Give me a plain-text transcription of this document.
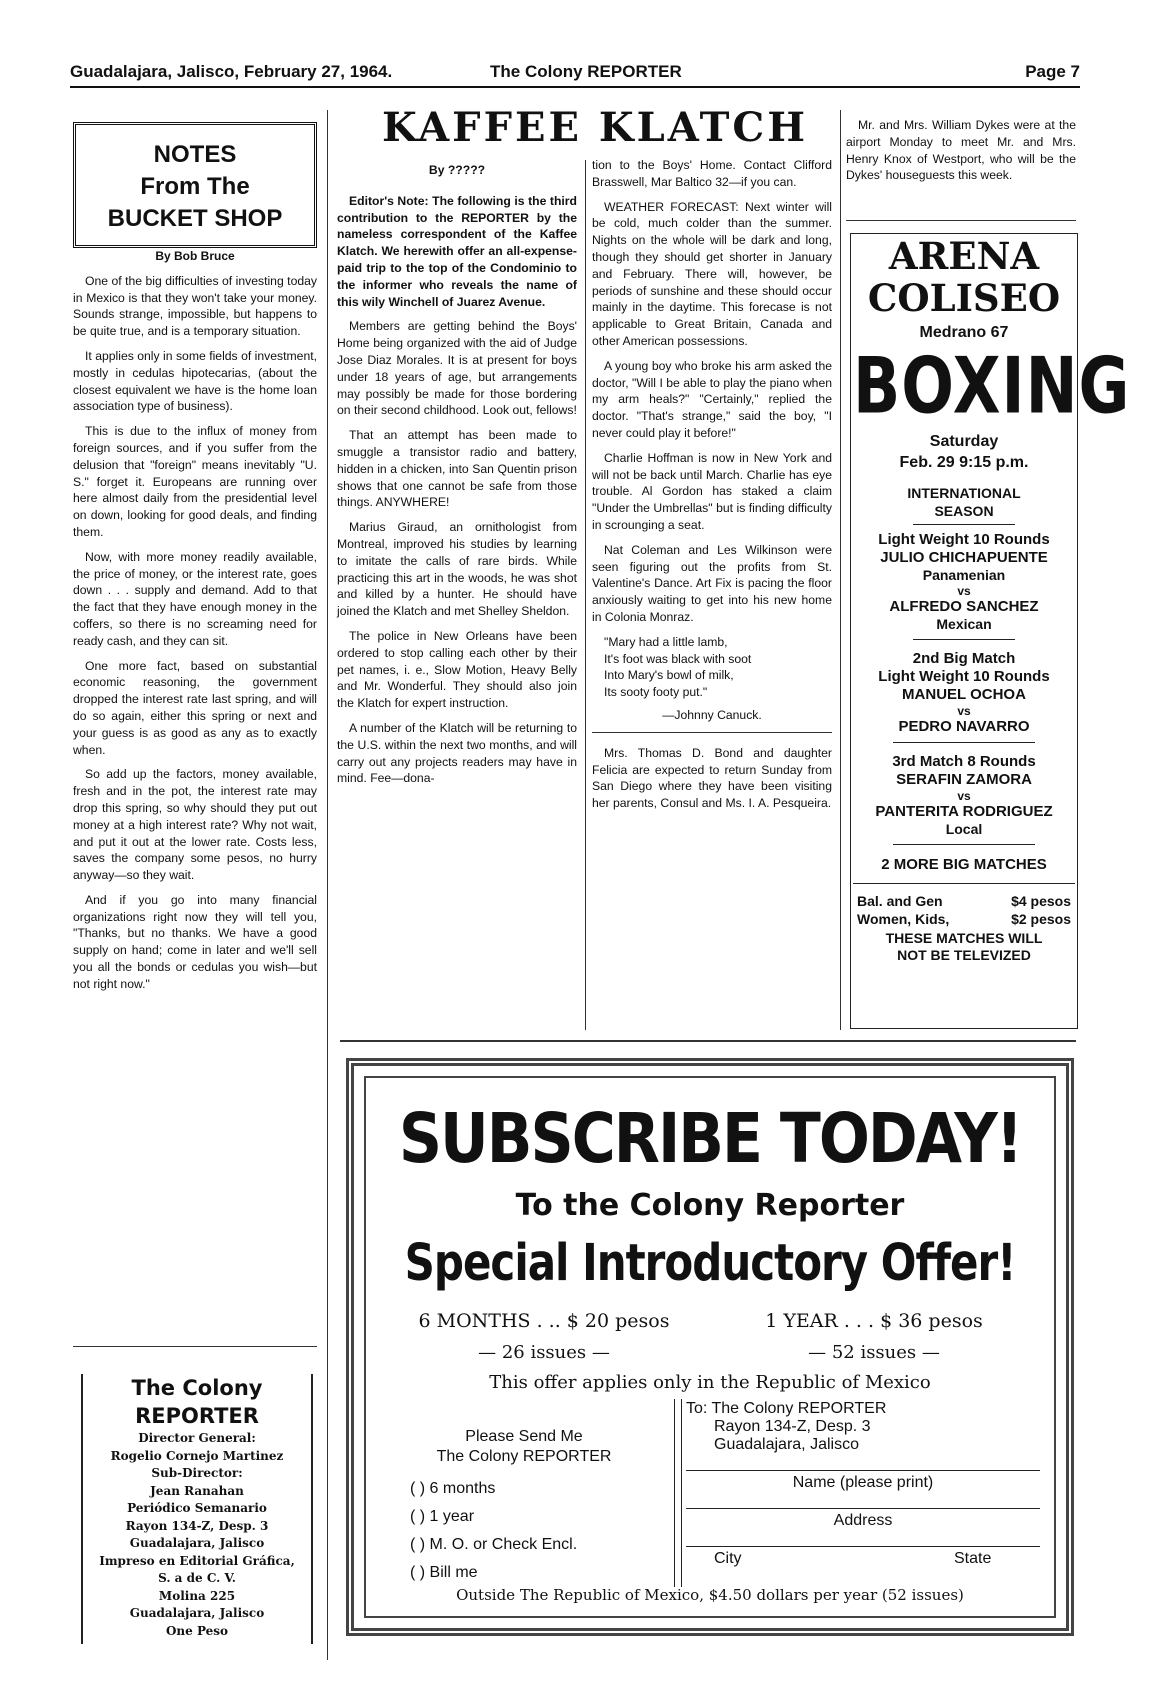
Guadalajara, Jalisco, February 27, 1964.	The Colony REPORTER	Page 7
NOTES
From The
BUCKET SHOP

By Bob Bruce

One of the big difficulties of investing today in Mexico is that they won't take your money. Sounds strange, impossible, but happens to be quite true, and is a temporary situation.

It applies only in some fields of investment, mostly in cedulas hipotecarias, (about the closest equivalent we have is the home loan association type of business).

This is due to the influx of money from foreign sources, and if you suffer from the delusion that "foreign" means inevitably "U. S." forget it. Europeans are running over here almost daily from the presidential level on down, looking for good deals, and finding them.

Now, with more money readily available, the price of money, or the interest rate, goes down . . . supply and demand. Add to that the fact that they have enough money in the coffers, so there is no screaming need for ready cash, and they can sit.

One more fact, based on substantial economic reasoning, the government dropped the interest rate last spring, and will do so again, either this spring or next and your guess is as good as any as to exactly when.

So add up the factors, money available, fresh and in the pot, the interest rate may drop this spring, so why should they put out money at a high interest rate? Why not wait, and put it out at the lower rate. Costs less, saves the company some pesos, no hurry anyway—so they wait.

And if you go into many financial organizations right now they will tell you, "Thanks, but no thanks. We have a good supply on hand; come in later and we'll sell you all the bonds or cedulas you wish—but not right now."

The Colony REPORTER
Director General:
Rogelio Cornejo Martinez
Sub-Director:
Jean Ranahan
Periódico Semanario
Rayon 134-Z, Desp. 3
Guadalajara, Jalisco
Impreso en Editorial Gráfica,
S. a de C. V.
Molina 225
Guadalajara, Jalisco
One Peso
KAFFEE KLATCH

By ?????

Editor's Note: The following is the third contribution to the REPORTER by the nameless correspondent of the Kaffee Klatch. We herewith offer an all-expense-paid trip to the top of the Condominio to the informer who reveals the name of this wily Winchell of Juarez Avenue.

Members are getting behind the Boys' Home being organized with the aid of Judge Jose Diaz Morales. It is at present for boys under 18 years of age, but arrangements may possibly be made for those bordering on their second childhood. Look out, fellows!

That an attempt has been made to smuggle a transistor radio and battery, hidden in a chicken, into San Quentin prison shows that one cannot be safe from those things. ANYWHERE!

Marius Giraud, an ornithologist from Montreal, improved his studies by learning to imitate the calls of rare birds. While practicing this art in the woods, he was shot and killed by a hunter. He should have joined the Klatch and met Shelley Sheldon.

The police in New Orleans have been ordered to stop calling each other by their pet names, i. e., Slow Motion, Heavy Belly and Mr. Wonderful. They should also join the Klatch for expert instruction.

A number of the Klatch will be returning to the U.S. within the next two months, and will carry out any projects readers may have in mind. Fee—dona-

tion to the Boys' Home. Contact Clifford Brasswell, Mar Baltico 32—if you can.

WEATHER FORECAST: Next winter will be cold, much colder than the summer. Nights on the whole will be dark and long, though they should get shorter in January and February. There will, however, be periods of sunshine and these should occur mainly in the daytime. This forecase is not applicable to Great Britain, Canada and other American possessions.

A young boy who broke his arm asked the doctor, "Will I be able to play the piano when my arm heals?" "Certainly," replied the doctor. "That's strange," said the boy, "I never could play it before!"

Charlie Hoffman is now in New York and will not be back until March. Charlie has eye trouble. Al Gordon has staked a claim "Under the Umbrellas" but is finding difficulty in scrounging a seat.

Nat Coleman and Les Wilkinson were seen figuring out the profits from St. Valentine's Dance. Art Fix is pacing the floor anxiously waiting to get into his new home in Colonia Monraz.

"Mary had a little lamb,
It's foot was black with soot
Into Mary's bowl of milk,
Its sooty footy put."

—Johnny Canuck.

Mrs. Thomas D. Bond and daughter Felicia are expected to return Sunday from San Diego where they have been visiting her parents, Consul and Ms. I. A. Pesqueira.

Mr. and Mrs. William Dykes were at the airport Monday to meet Mr. and Mrs. Henry Knox of Westport, who will be the Dykes' houseguests this week.

ARENA
COLISEO
Medrano 67
BOXING
Saturday
Feb. 29 9:15 p.m.
INTERNATIONAL
SEASON
Light Weight 10 Rounds
JULIO CHICHAPUENTE
Panamenian
vs
ALFREDO SANCHEZ
Mexican
2nd Big Match
Light Weight 10 Rounds
MANUEL OCHOA
vs
PEDRO NAVARRO
3rd Match 8 Rounds
SERAFIN ZAMORA
vs
PANTERITA RODRIGUEZ
Local
2 MORE BIG MATCHES
Bal. and Gen	$4 pesos
Women, Kids,	$2 pesos
THESE MATCHES WILL NOT BE TELEVIZED
SUBSCRIBE TODAY!
To the Colony Reporter
Special Introductory Offer!
6 MONTHS . .. $ 20 pesos
— 26 issues —
1 YEAR . . . $ 36 pesos
— 52 issues —
This offer applies only in the Republic of Mexico
Please Send Me
The Colony REPORTER
( ) 6 months
( ) 1 year
( ) M. O. or Check Encl.
( ) Bill me
To: The Colony REPORTER
Rayon 134-Z, Desp. 3
Guadalajara, Jalisco
Name (please print)
Address
City	State
Outside The Republic of Mexico, $4.50 dollars per year (52 issues)
